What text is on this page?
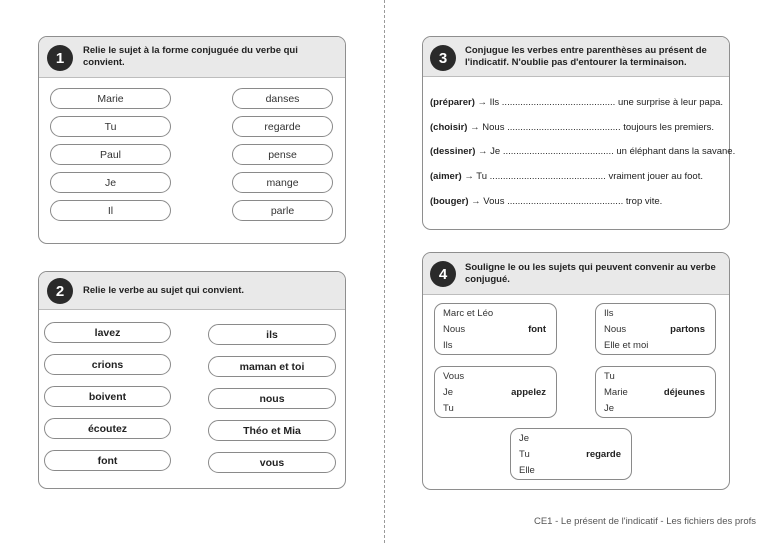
1	Relie le sujet à la forme conjuguée du verbe qui convient.
Marie
Tu
Paul
Je
Il
danses
regarde
pense
mange
parle
2	Relie le verbe au sujet qui convient.
lavez
crions
boivent
écoutez
font
ils
maman et toi
nous
Théo et Mia
vous
3	Conjugue les verbes entre parenthèses au présent de l'indicatif. N'oublie pas d'entourer la terminaison.
(préparer) → Ils ........................................... une surprise à leur papa.
(choisir) → Nous ........................................... toujours les premiers.
(dessiner) → Je .......................................... un éléphant dans la savane.
(aimer) → Tu ............................................ vraiment jouer au foot.
(bouger) → Vous ............................................ trop vite.
4	Souligne le ou les sujets qui peuvent convenir au verbe conjugué.
Marc et Léo
Nous
Ils
font
Ils
Nous
Elle et moi
partons
Vous
Je
Tu
appelez
Tu
Marie
Je
déjeunes
Je
Tu
Elle
regarde
CE1 - Le présent de l'indicatif - Les fichiers des profs
